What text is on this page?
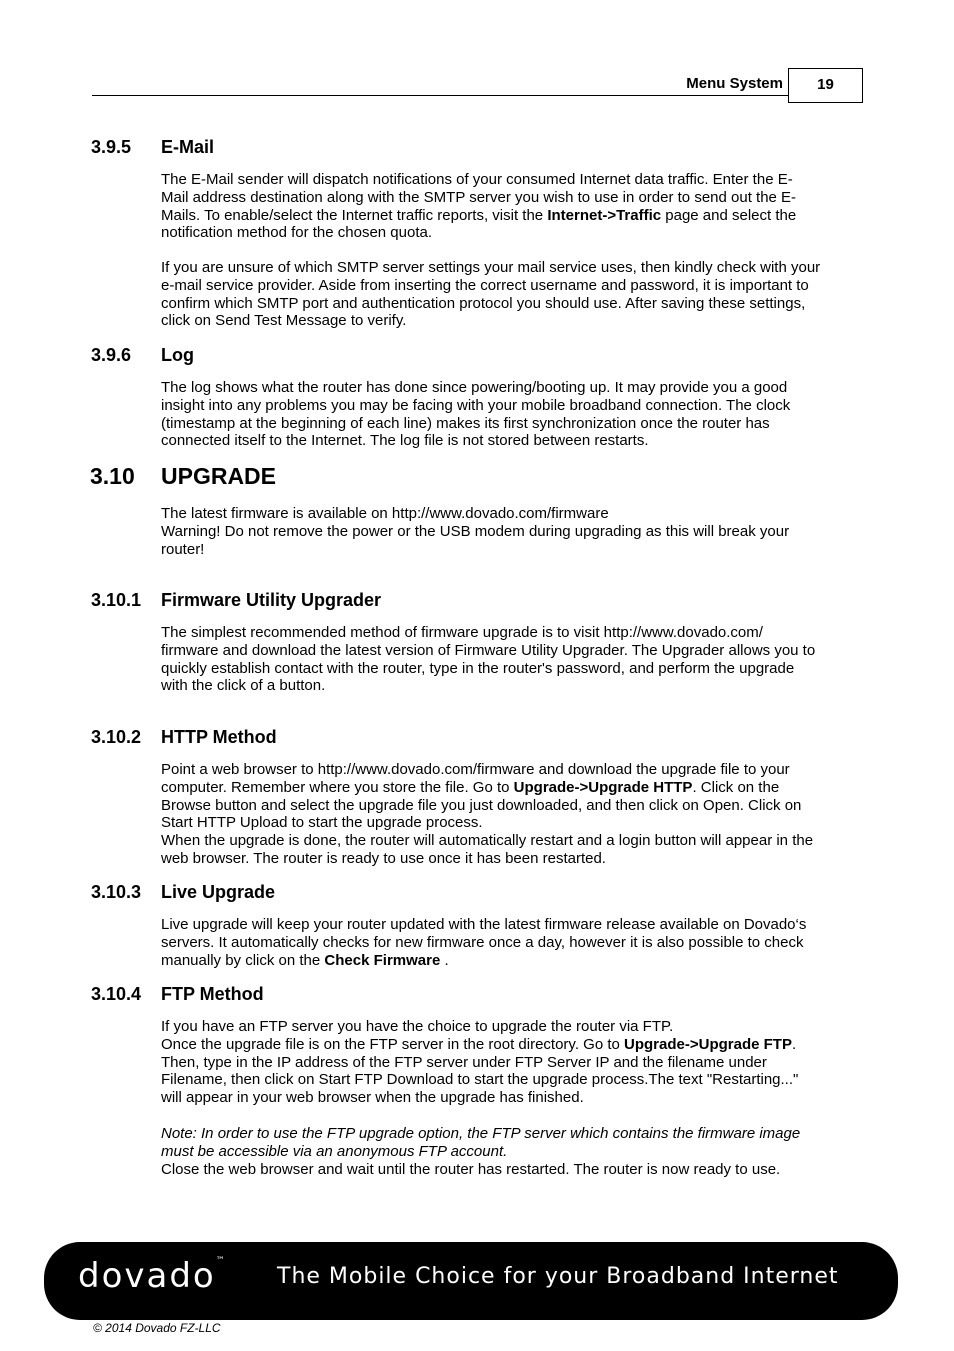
Menu System	19
3.9.5 E-Mail
The E-Mail sender will dispatch notifications of your consumed Internet data traffic. Enter the E-
Mail address destination along with the SMTP server you wish to use in order to send out the E-
Mails. To enable/select the Internet traffic reports, visit the Internet->Traffic page and select the
notification method for the chosen quota.
If you are unsure of which SMTP server settings your mail service uses, then kindly check with your
e-mail service provider. Aside from inserting the correct username and password, it is important to
confirm which SMTP port and authentication protocol you should use. After saving these settings,
click on Send Test Message to verify.
3.9.6 Log
The log shows what the router has done since powering/booting up. It may provide you a good
insight into any problems you may be facing with your mobile broadband connection. The clock
(timestamp at the beginning of each line) makes its first synchronization once the router has
connected itself to the Internet. The log file is not stored between restarts.
3.10 UPGRADE
The latest firmware is available on http://www.dovado.com/firmware
Warning! Do not remove the power or the USB modem during upgrading as this will break your
router!
3.10.1 Firmware Utility Upgrader
The simplest recommended method of firmware upgrade is to visit http://www.dovado.com/
firmware and download the latest version of Firmware Utility Upgrader. The Upgrader allows you to
quickly establish contact with the router, type in the router's password, and perform the upgrade
with the click of a button.
3.10.2 HTTP Method
Point a web browser to http://www.dovado.com/firmware and download the upgrade file to your
computer. Remember where you store the file. Go to Upgrade->Upgrade HTTP. Click on the
Browse button and select the upgrade file you just downloaded, and then click on Open. Click on
Start HTTP Upload to start the upgrade process.
When the upgrade is done, the router will automatically restart and a login button will appear in the
web browser. The router is ready to use once it has been restarted.
3.10.3 Live Upgrade
Live upgrade will keep your router updated with the latest firmware release available on Dovado‘s
servers. It automatically checks for new firmware once a day, however it is also possible to check
manually by click on the Check Firmware .
3.10.4 FTP Method
If you have an FTP server you have the choice to upgrade the router via FTP.
Once the upgrade file is on the FTP server in the root directory. Go to Upgrade->Upgrade FTP.
Then, type in the IP address of the FTP server under FTP Server IP and the filename under
Filename, then click on Start FTP Download to start the upgrade process.The text "Restarting..."
will appear in your web browser when the upgrade has finished.
Note: In order to use the FTP upgrade option, the FTP server which contains the firmware image
must be accessible via an anonymous FTP account.
Close the web browser and wait until the router has restarted. The router is now ready to use.
dovado™
The Mobile Choice for your Broadband Internet
© 2014 Dovado FZ-LLC
